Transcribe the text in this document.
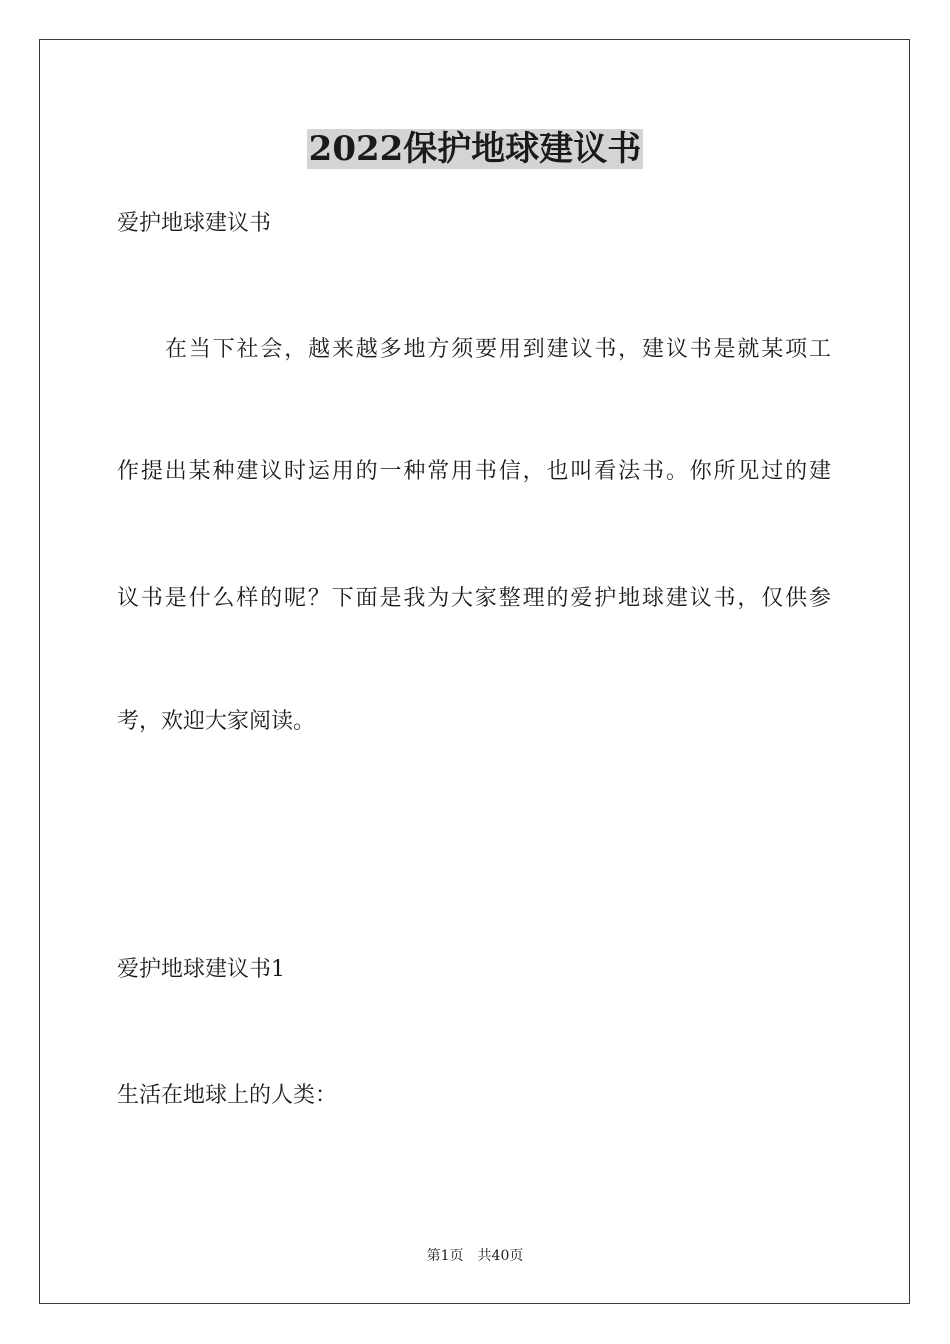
2022保护地球建议书
爱护地球建议书
在当下社会，越来越多地方须要用到建议书，建议书是就某项工
作提出某种建议时运用的一种常用书信，也叫看法书。你所见过的建
议书是什么样的呢？下面是我为大家整理的爱护地球建议书，仅供参
考，欢迎大家阅读。
爱护地球建议书1
生活在地球上的人类：
第1页 共40页
